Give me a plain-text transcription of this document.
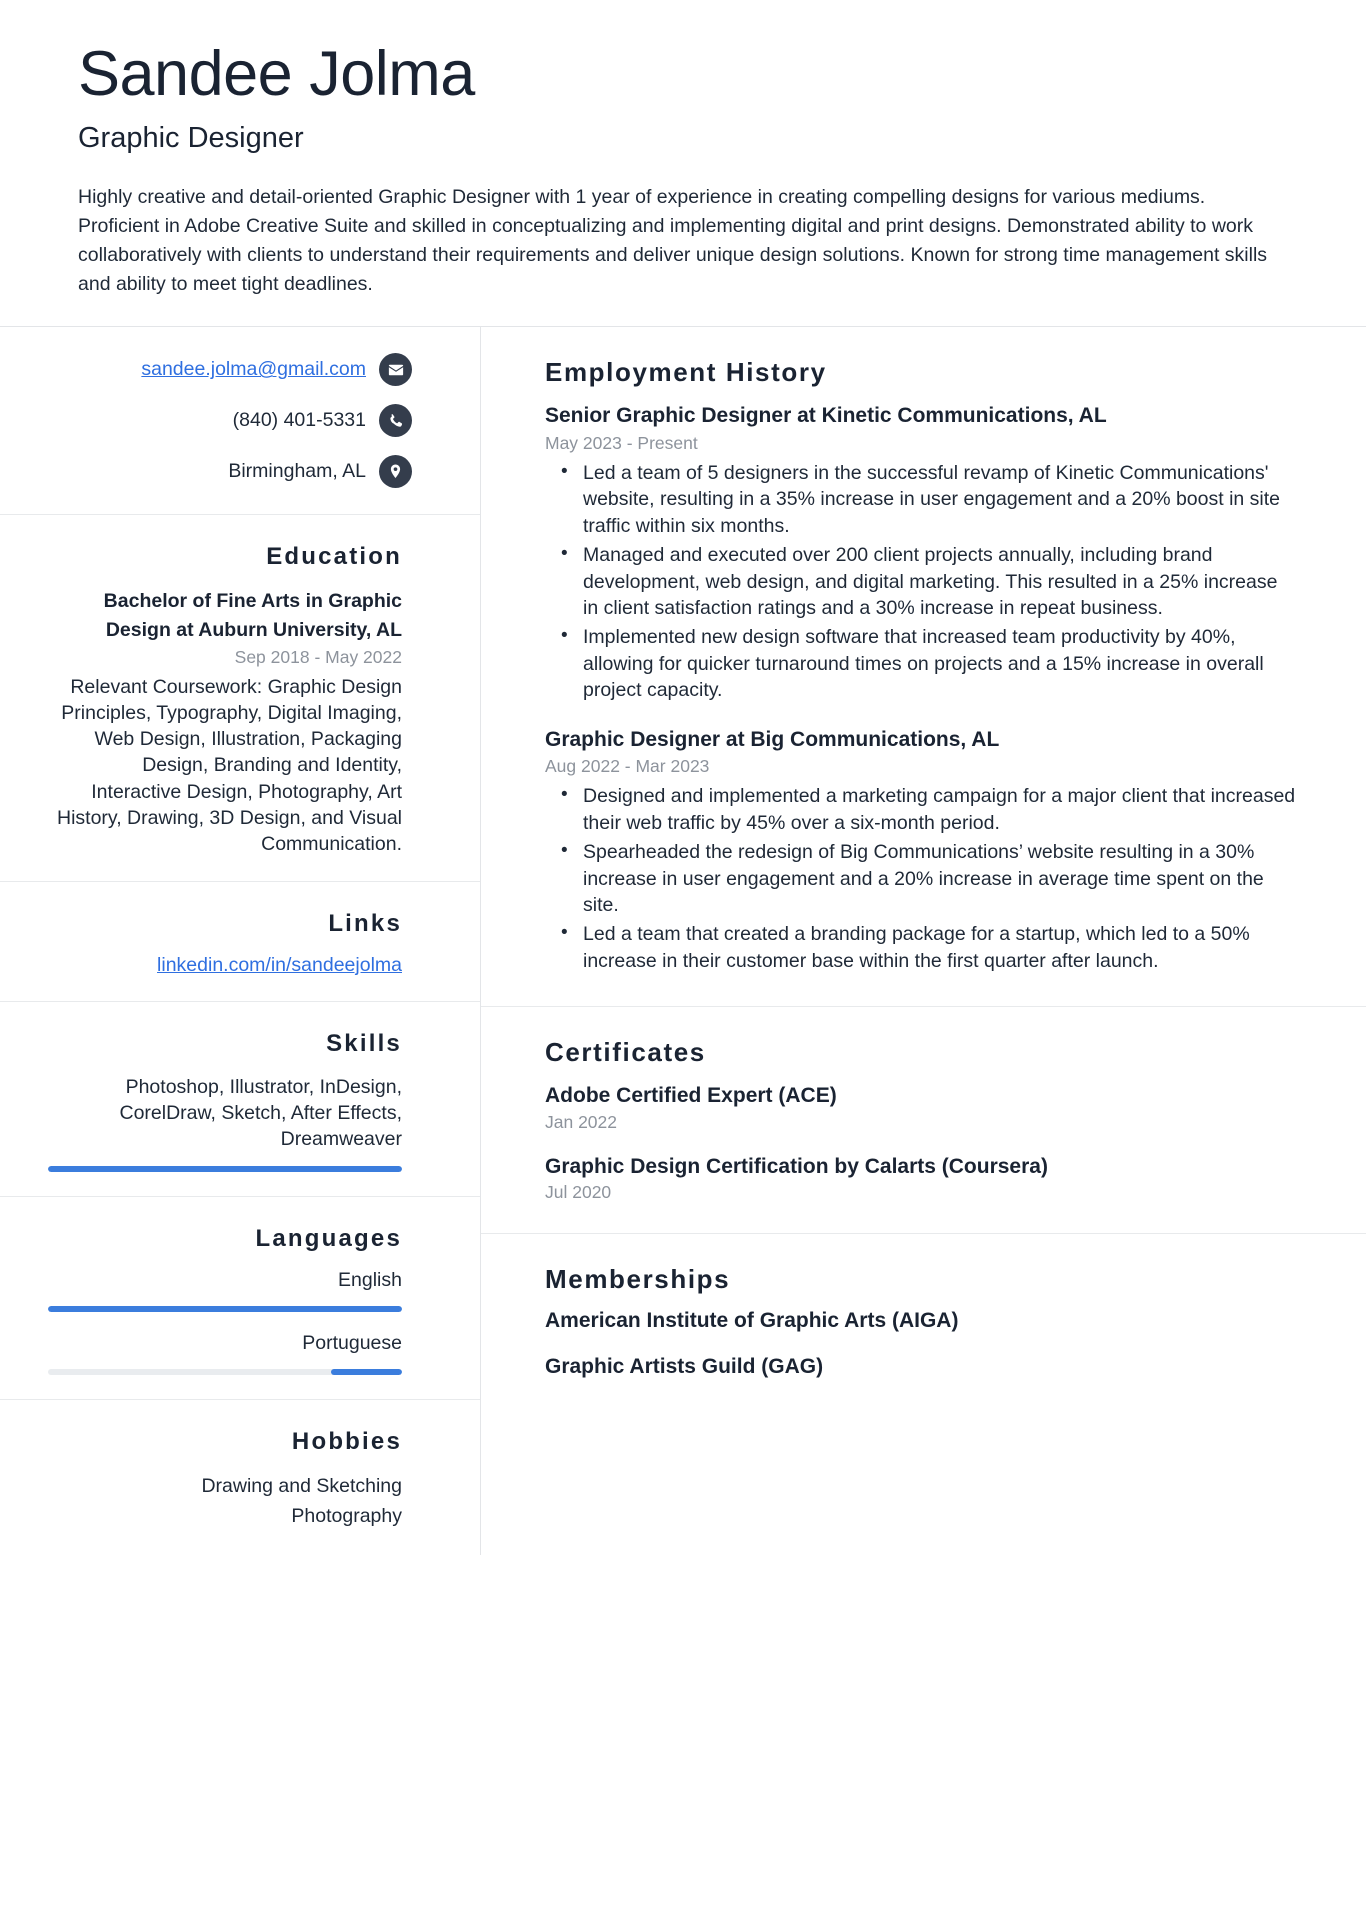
Sandee Jolma
Graphic Designer
Highly creative and detail-oriented Graphic Designer with 1 year of experience in creating compelling designs for various mediums. Proficient in Adobe Creative Suite and skilled in conceptualizing and implementing digital and print designs. Demonstrated ability to work collaboratively with clients to understand their requirements and deliver unique design solutions. Known for strong time management skills and ability to meet tight deadlines.
sandee.jolma@gmail.com
(840) 401-5331
Birmingham, AL
Education
Bachelor of Fine Arts in Graphic Design at Auburn University, AL
Sep 2018 - May 2022
Relevant Coursework: Graphic Design Principles, Typography, Digital Imaging, Web Design, Illustration, Packaging Design, Branding and Identity, Interactive Design, Photography, Art History, Drawing, 3D Design, and Visual Communication.
Links
linkedin.com/in/sandeejolma
Skills
Photoshop, Illustrator, InDesign, CorelDraw, Sketch, After Effects, Dreamweaver
Languages
English
Portuguese
Hobbies
Drawing and Sketching
Photography
Employment History
Senior Graphic Designer at Kinetic Communications, AL
May 2023 - Present
• Led a team of 5 designers in the successful revamp of Kinetic Communications' website, resulting in a 35% increase in user engagement and a 20% boost in site traffic within six months.
• Managed and executed over 200 client projects annually, including brand development, web design, and digital marketing. This resulted in a 25% increase in client satisfaction ratings and a 30% increase in repeat business.
• Implemented new design software that increased team productivity by 40%, allowing for quicker turnaround times on projects and a 15% increase in overall project capacity.
Graphic Designer at Big Communications, AL
Aug 2022 - Mar 2023
• Designed and implemented a marketing campaign for a major client that increased their web traffic by 45% over a six-month period.
• Spearheaded the redesign of Big Communications’ website resulting in a 30% increase in user engagement and a 20% increase in average time spent on the site.
• Led a team that created a branding package for a startup, which led to a 50% increase in their customer base within the first quarter after launch.
Certificates
Adobe Certified Expert (ACE)
Jan 2022
Graphic Design Certification by Calarts (Coursera)
Jul 2020
Memberships
American Institute of Graphic Arts (AIGA)
Graphic Artists Guild (GAG)
